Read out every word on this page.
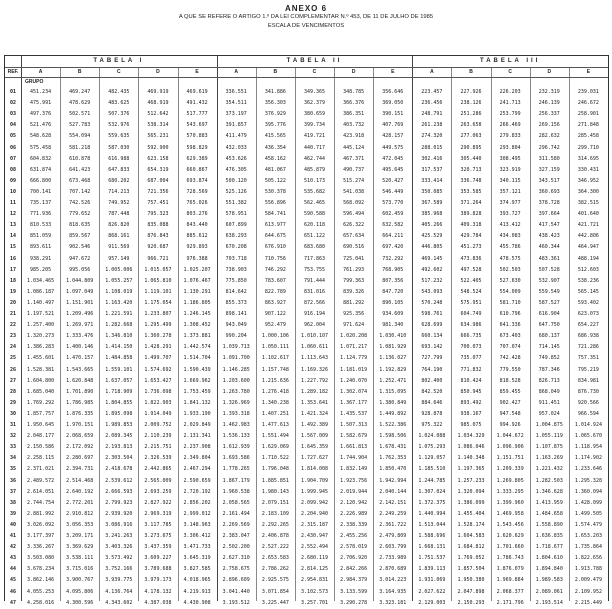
ANEXO 6
A QUE SE REFERE O ARTIGO 1.º DA LEI COMPLEMENTAR N.º 453, DE 11 DE JULHO DE 1985
ESCALA DE VENCIMENTOS
TABELA I
A	B	C	D	E
TABELA II
A	B	C	D	E
TABELA III
A	B	C	D	E
REF.
GRUPO
01	451.234	469.247	482.435	469.919	469.619	336.551	341.886	349.365	348.785	356.646	223.457	227.926	226.203	232.319	239.031
02	475.991	478.629	483.625	468.919	491.432	354.511	356.303	362.379	366.376	369.050	236.456	238.126	241.713	246.139	246.672
03	497.376	502.571	507.376	512.642	517.777	373.197	376.929	380.659	386.351	390.151	248.791	251.286	253.799	256.337	258.901
04	521.476	527.783	532.976	538.314	543.697	391.857	395.776	399.734	403.732	407.769	261.238	263.658	266.469	269.156	271.848
05	548.628	554.094	559.635	565.231	570.883	411.479	415.565	419.721	423.918	428.157	274.320	277.063	279.833	282.632	285.458
06	575.458	581.218	587.030	592.900	598.829	432.033	436.354	440.717	445.124	449.575	288.015	290.895	293.804	296.742	299.710
07	604.832	610.878	616.988	623.158	629.389	453.626	458.162	462.744	467.371	472.045	302.416	305.440	308.495	311.580	314.695
08	631.874	641.423	647.833	654.319	660.867	476.305	481.067	485.879	490.737	495.645	317.537	320.713	323.919	327.159	330.431
09	666.800	673.468	680.202	687.004	693.874	500.120	505.122	510.173	515.274	520.427	333.414	336.748	340.115	343.517	346.952
10	700.141	707.142	714.213	721.356	728.569	525.126	530.378	535.682	541.038	546.449	350.085	353.585	357.121	360.693	364.300
11	735.137	742.526	749.952	757.451	765.026	551.382	556.896	562.465	568.092	573.770	367.589	371.264	374.977	378.728	382.515
12	771.936	779.652	787.448	795.323	803.276	578.951	584.741	590.588	596.494	602.459	385.968	389.828	393.727	397.664	401.640
13	810.533	818.635	826.820	835.088	843.440	607.899	613.977	620.118	626.322	632.582	405.266	409.318	413.412	417.547	421.721
14	851.059	859.567	868.161	876.843	885.612	638.293	644.675	651.122	657.634	664.211	425.529	429.784	434.083	438.423	442.806
15	893.611	902.546	911.569	920.687	929.893	670.208	676.910	683.680	690.516	697.420	446.805	451.273	455.786	460.344	464.947
16	938.291	947.672	957.149	966.721	976.388	703.718	710.756	717.863	725.041	732.292	469.145	473.836	478.575	483.361	488.194
17	985.205	995.056	1.005.006	1.015.057	1.025.207	738.903	746.292	753.755	761.293	768.905	492.602	497.528	502.503	507.528	512.603
18	1.034.465	1.044.809	1.055.257	1.065.810	1.076.467	775.850	783.607	791.444	799.363	807.356	517.232	522.405	527.630	532.907	538.236
19	1.086.187	1.097.049	1.108.019	1.119.101	1.130.291	814.642	822.789	831.016	839.326	847.720	543.093	548.524	554.009	559.549	565.145
20	1.140.497	1.151.901	1.163.420	1.175.054	1.186.805	855.373	863.927	872.566	881.292	890.105	570.248	575.951	581.710	587.527	593.402
21	1.197.521	1.209.496	1.221.591	1.233.807	1.246.145	898.141	907.122	916.194	925.356	934.609	598.761	604.749	610.796	616.904	623.073
22	1.257.400	1.269.971	1.282.668	1.295.499	1.308.452	943.049	952.479	962.004	971.624	981.340	628.699	634.986	641.336	647.750	654.227
23	1.320.273	1.333.476	1.346.810	1.360.278	1.373.881	990.204	1.000.106	1.010.107	1.020.208	1.030.410	660.134	666.735	673.403	680.137	686.938
24	1.386.283	1.400.146	1.414.150	1.428.291	1.442.574	1.039.713	1.050.111	1.060.611	1.071.217	1.081.929	693.142	700.073	707.074	714.145	721.286
25	1.455.601	1.470.157	1.484.858	1.499.707	1.514.704	1.091.700	1.102.617	1.113.643	1.124.779	1.136.027	727.799	735.077	742.428	749.852	757.351
26	1.528.381	1.543.665	1.559.101	1.574.692	1.590.439	1.146.285	1.157.748	1.169.326	1.181.019	1.192.829	764.190	771.832	779.550	787.346	795.219
27	1.604.800	1.620.848	1.637.057	1.653.427	1.669.962	1.203.600	1.215.636	1.227.792	1.240.070	1.252.471	802.400	810.424	818.528	826.713	834.981
28	1.685.040	1.701.890	1.718.909	1.736.098	1.753.459	1.263.780	1.276.418	1.289.182	1.302.074	1.315.095	842.520	850.945	859.455	868.049	876.730
29	1.769.292	1.786.985	1.804.855	1.822.903	1.841.132	1.326.969	1.340.238	1.353.641	1.367.177	1.380.849	884.646	893.492	902.427	911.451	920.566
30	1.857.757	1.876.335	1.895.098	1.914.049	1.933.190	1.393.318	1.407.251	1.421.324	1.435.537	1.449.892	928.878	938.167	947.548	957.024	966.594
31	1.950.645	1.970.151	1.989.853	2.009.752	2.029.849	1.462.983	1.477.613	1.492.389	1.507.313	1.522.386	975.322	985.075	994.926	1.004.875	1.014.924
32	2.048.177	2.068.659	2.089.345	2.110.239	2.131.341	1.536.133	1.551.494	1.567.009	1.582.679	1.598.506	1.024.088	1.034.329	1.044.672	1.055.119	1.065.670
33	2.150.586	2.172.092	2.193.813	2.215.751	2.237.908	1.612.939	1.629.069	1.645.359	1.661.813	1.678.431	1.075.293	1.086.046	1.096.906	1.107.875	1.118.954
34	2.258.115	2.280.697	2.303.504	2.326.539	2.349.804	1.693.586	1.710.522	1.727.627	1.744.904	1.762.353	1.129.057	1.140.348	1.151.751	1.163.269	1.174.902
35	2.371.021	2.394.731	2.418.678	2.442.865	2.467.294	1.778.265	1.796.048	1.814.008	1.832.149	1.850.470	1.185.510	1.197.365	1.209.339	1.221.432	1.233.646
36	2.489.572	2.514.468	2.539.612	2.565.009	2.590.659	1.867.179	1.885.851	1.904.709	1.923.756	1.942.994	1.244.785	1.257.233	1.269.805	1.282.503	1.295.328
37	2.614.051	2.640.192	2.666.593	2.693.259	2.720.192	1.960.538	1.980.143	1.999.945	2.019.944	2.040.144	1.307.024	1.320.094	1.333.295	1.346.628	1.360.094
38	2.744.754	2.772.201	2.799.923	2.827.922	2.856.202	2.058.565	2.079.151	2.099.942	2.120.942	2.142.151	1.372.375	1.386.099	1.399.960	1.413.959	1.428.099
39	2.881.992	2.910.812	2.939.920	2.969.319	2.999.012	2.161.494	2.183.109	2.204.940	2.226.989	2.249.259	1.440.994	1.455.404	1.469.958	1.484.658	1.499.505
40	3.026.092	3.056.353	3.086.916	3.117.785	3.148.963	2.269.569	2.292.265	2.315.187	2.338.339	2.361.722	1.513.044	1.528.174	1.543.456	1.558.890	1.574.479
41	3.177.397	3.209.171	3.241.263	3.273.675	3.306.412	2.383.047	2.406.878	2.430.947	2.455.256	2.479.809	1.588.696	1.604.583	1.620.629	1.636.835	1.653.203
42	3.336.267	3.369.629	3.403.326	3.437.359	3.471.733	2.502.200	2.527.222	2.552.494	2.578.019	2.603.799	1.668.131	1.684.812	1.701.660	1.718.677	1.735.864
43	3.503.080	3.538.111	3.573.492	3.609.227	3.645.319	2.627.310	2.653.583	2.680.119	2.706.920	2.733.989	1.751.537	1.769.052	1.786.743	1.804.610	1.822.656
44	3.678.234	3.715.016	3.752.166	3.789.688	3.827.585	2.758.675	2.786.262	2.814.125	2.842.266	2.870.689	1.839.113	1.857.504	1.876.079	1.894.840	1.913.788
45	3.862.146	3.900.767	3.939.775	3.979.173	4.018.965	2.896.609	2.925.575	2.954.831	2.984.379	3.014.223	1.931.069	1.950.380	1.969.884	1.989.583	2.009.479
46	4.055.253	4.095.806	4.136.764	4.178.132	4.219.913	3.041.440	3.071.854	3.102.573	3.133.599	3.164.935	2.027.622	2.047.898	2.068.377	2.089.061	2.109.952
47	4.258.016	4.300.596	4.343.602	4.387.038	4.430.908	3.193.512	3.225.447	3.257.701	3.290.278	3.323.181	2.129.003	2.150.293	2.171.796	2.193.514	2.215.449
